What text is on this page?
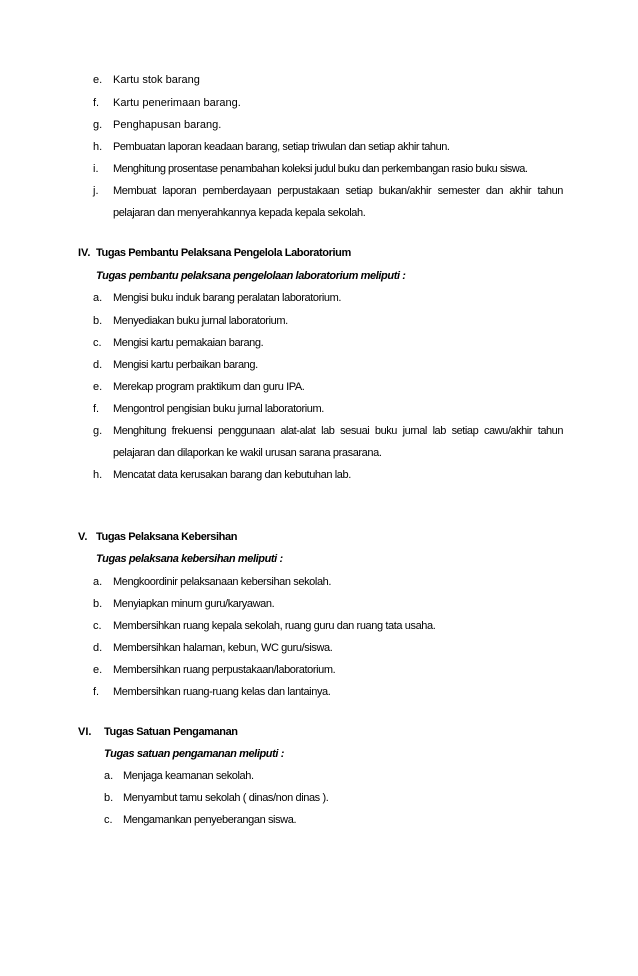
e. Kartu stok barang
f. Kartu penerimaan barang.
g. Penghapusan barang.
h. Pembuatan laporan keadaan barang, setiap triwulan dan setiap akhir tahun.
i. Menghitung prosentase penambahan koleksi judul buku dan perkembangan rasio buku siswa.
j. Membuat laporan pemberdayaan perpustakaan setiap bukan/akhir semester dan akhir tahun
pelajaran dan menyerahkannya kepada kepala sekolah.
IV. Tugas Pembantu Pelaksana Pengelola Laboratorium
Tugas pembantu pelaksana pengelolaan laboratorium meliputi :
a. Mengisi buku induk barang peralatan laboratorium.
b. Menyediakan buku jurnal laboratorium.
c. Mengisi kartu pemakaian barang.
d. Mengisi kartu perbaikan barang.
e. Merekap program praktikum dan guru IPA.
f. Mengontrol pengisian buku jurnal laboratorium.
g. Menghitung frekuensi penggunaan alat-alat lab sesuai buku jurnal lab setiap cawu/akhir tahun
pelajaran dan dilaporkan ke wakil urusan sarana prasarana.
h. Mencatat data kerusakan barang dan kebutuhan lab.
V. Tugas Pelaksana Kebersihan
Tugas pelaksana kebersihan meliputi :
a. Mengkoordinir pelaksanaan kebersihan sekolah.
b. Menyiapkan minum guru/karyawan.
c. Membersihkan ruang kepala sekolah, ruang guru dan ruang tata usaha.
d. Membersihkan halaman, kebun, WC guru/siswa.
e. Membersihkan ruang perpustakaan/laboratorium.
f. Membersihkan ruang-ruang kelas dan lantainya.
VI. Tugas Satuan Pengamanan
Tugas satuan pengamanan meliputi :
a. Menjaga keamanan sekolah.
b. Menyambut tamu sekolah ( dinas/non dinas ).
c. Mengamankan penyeberangan siswa.
